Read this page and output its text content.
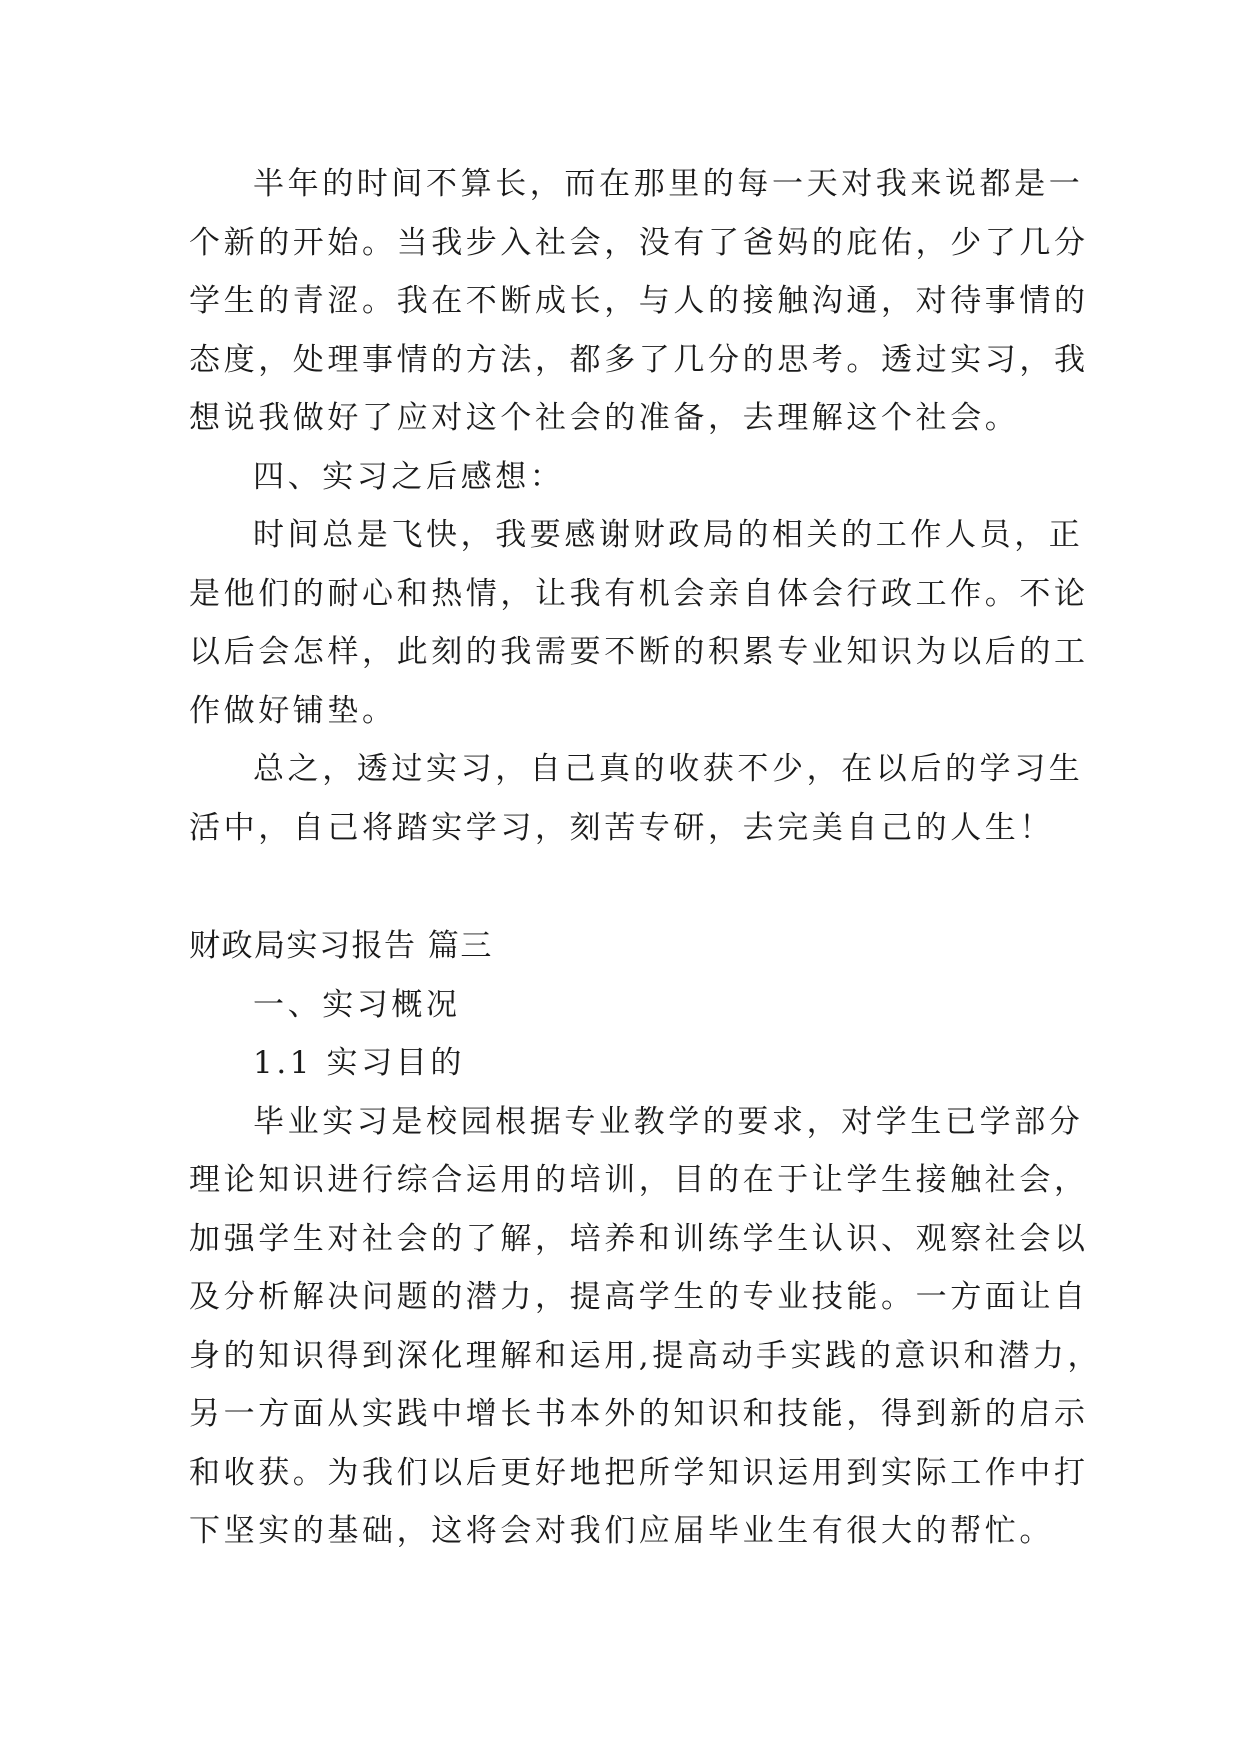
半年的时间不算长，而在那里的每一天对我来说都是一
个新的开始。当我步入社会，没有了爸妈的庇佑，少了几分
学生的青涩。我在不断成长，与人的接触沟通，对待事情的
态度，处理事情的方法，都多了几分的思考。透过实习，我
想说我做好了应对这个社会的准备，去理解这个社会。
四、实习之后感想：
时间总是飞快，我要感谢财政局的相关的工作人员，正
是他们的耐心和热情，让我有机会亲自体会行政工作。不论
以后会怎样，此刻的我需要不断的积累专业知识为以后的工
作做好铺垫。
总之，透过实习，自己真的收获不少，在以后的学习生
活中，自己将踏实学习，刻苦专研，去完美自己的人生！
财政局实习报告 篇三
一、实习概况
1.1 实习目的
毕业实习是校园根据专业教学的要求，对学生已学部分
理论知识进行综合运用的培训，目的在于让学生接触社会，
加强学生对社会的了解，培养和训练学生认识、观察社会以
及分析解决问题的潜力，提高学生的专业技能。一方面让自
身的知识得到深化理解和运用,提高动手实践的意识和潜力，
另一方面从实践中增长书本外的知识和技能，得到新的启示
和收获。为我们以后更好地把所学知识运用到实际工作中打
下坚实的基础，这将会对我们应届毕业生有很大的帮忙。
